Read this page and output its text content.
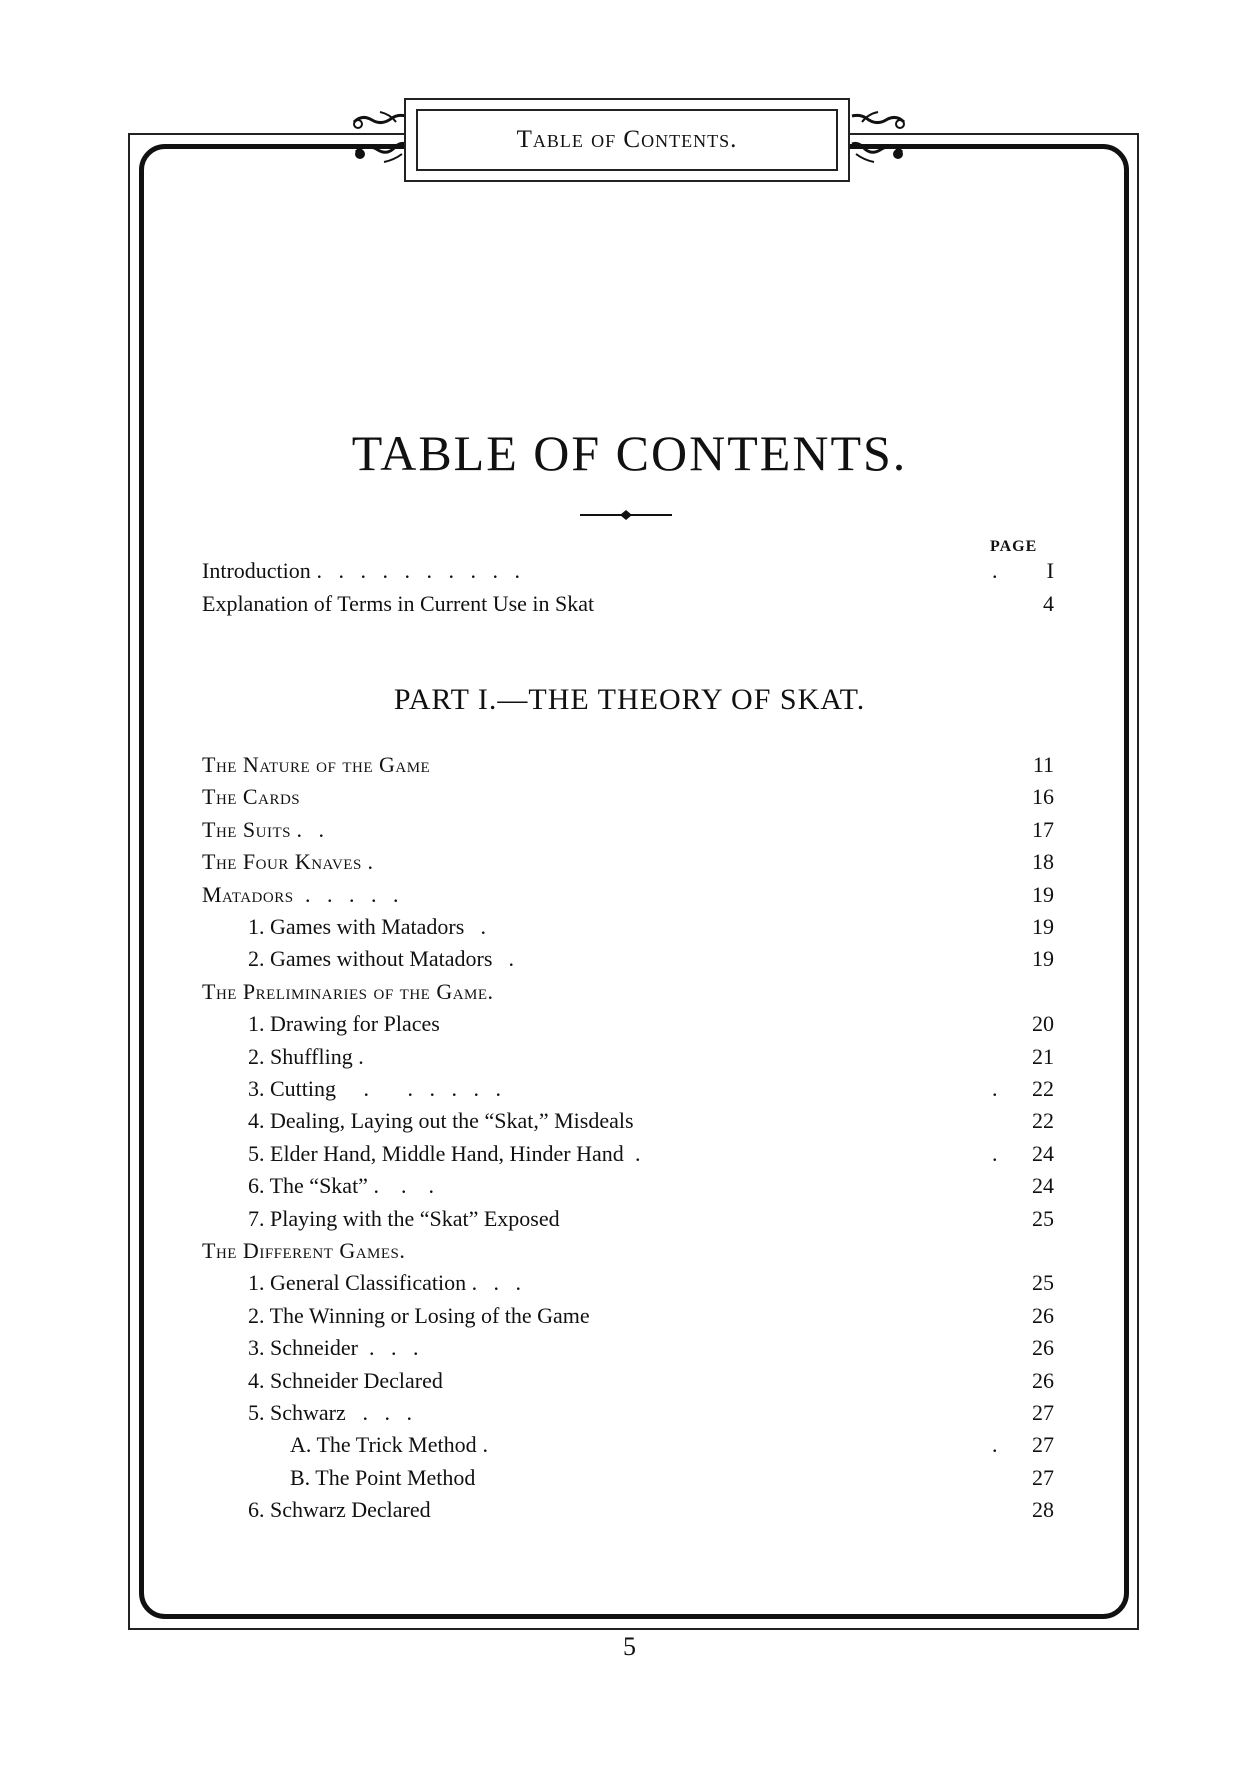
Table of Contents.
TABLE OF CONTENTS.
PAGE
Introduction .   .   .   .   .   .   .   .   .   .	.	I
Explanation of Terms in Current Use in Skat	4
PART I.—THE THEORY OF SKAT.
The Nature of the Game	11
The Cards	16
The Suits .   .	17
The Four Knaves .	18
Matadors .   .   .   .   .	19
1. Games with Matadors .	19
2. Games without Matadors .	19
The Preliminaries of the Game.
1. Drawing for Places	20
2. Shuffling .	21
3. Cutting .       .   .   .   .   .	.	22
4. Dealing, Laying out the “Skat,” Misdeals	22
5. Elder Hand, Middle Hand, Hinder Hand .	.	24
6. The “Skat” .    .    .	24
7. Playing with the “Skat” Exposed	25
The Different Games.
1. General Classification . .   .	25
2. The Winning or Losing of the Game	26
3. Schneider .   .   .	26
4. Schneider Declared	26
5. Schwarz .   .   .	27
A. The Trick Method .	.	27
B. The Point Method	27
6. Schwarz Declared	28
5
